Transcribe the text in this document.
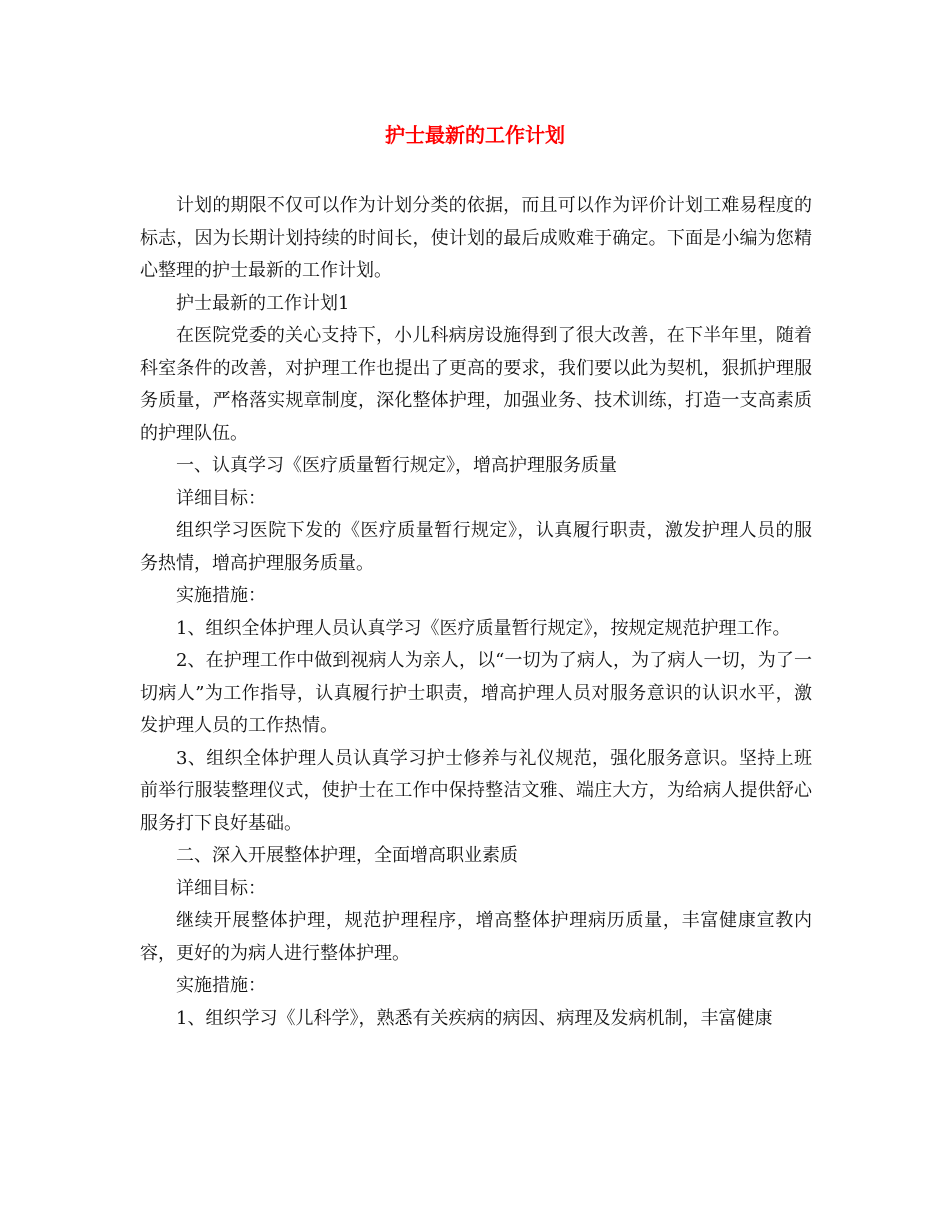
护士最新的工作计划

计划的期限不仅可以作为计划分类的依据，而且可以作为评价计划工难易程度的标志，因为长期计划持续的时间长，使计划的最后成败难于确定。下面是小编为您精心整理的护士最新的工作计划。

护士最新的工作计划1

在医院党委的关心支持下，小儿科病房设施得到了很大改善，在下半年里，随着科室条件的改善，对护理工作也提出了更高的要求，我们要以此为契机，狠抓护理服务质量，严格落实规章制度，深化整体护理，加强业务、技术训练，打造一支高素质的护理队伍。

一、认真学习《医疗质量暂行规定》，增高护理服务质量

详细目标：

组织学习医院下发的《医疗质量暂行规定》，认真履行职责，激发护理人员的服务热情，增高护理服务质量。

实施措施：

1、组织全体护理人员认真学习《医疗质量暂行规定》，按规定规范护理工作。

2、在护理工作中做到视病人为亲人，以“一切为了病人，为了病人一切，为了一切病人”为工作指导，认真履行护士职责，增高护理人员对服务意识的认识水平，激发护理人员的工作热情。

3、组织全体护理人员认真学习护士修养与礼仪规范，强化服务意识。坚持上班前举行服装整理仪式，使护士在工作中保持整洁文雅、端庄大方，为给病人提供舒心服务打下良好基础。

二、深入开展整体护理，全面增高职业素质

详细目标：

继续开展整体护理，规范护理程序，增高整体护理病历质量，丰富健康宣教内容，更好的为病人进行整体护理。

实施措施：

1、组织学习《儿科学》，熟悉有关疾病的病因、病理及发病机制，丰富健康
